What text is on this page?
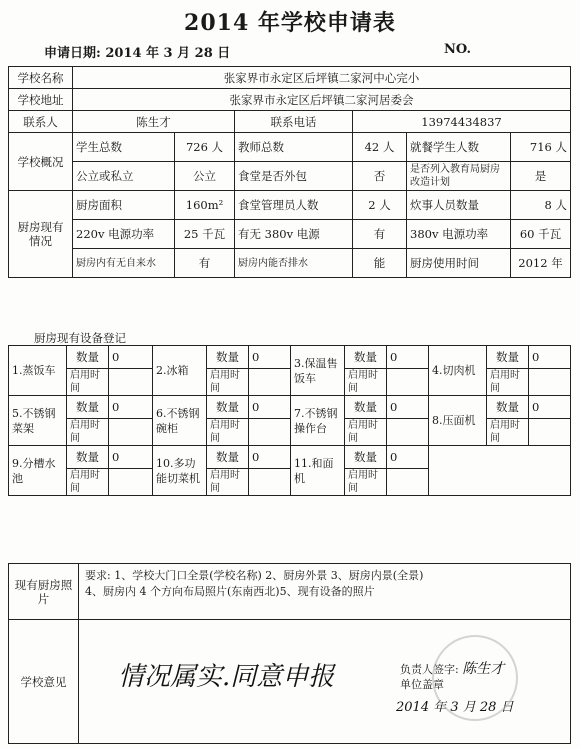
2014 年学校申请表
申请日期: 2014 年 3 月 28 日	NO.
学校名称	张家界市永定区后坪镇二家河中心完小					
学校地址	张家界市永定区后坪镇二家河居委会					
联系人	陈生才		联系电话	13974434837		
学校概况	学生总数	726 人	教师总数	42 人	就餐学生人数	716 人
	公立或私立	公立	食堂是否外包	否	是否列入教育局厨房改造计划	是
厨房现有情况	厨房面积	160m²	食堂管理员人数	2 人	炊事人员数量	8 人
	220v 电源功率	25 千瓦	有无 380v 电源	有	380v 电源功率	60 千瓦
	厨房内有无自来水	有	厨房内能否排水	能	厨房使用时间	2012 年
厨房现有设备登记
1.蒸饭车	数量	0	2.冰箱	数量	0	3.保温售饭车	数量	0	4.切肉机	数量	0
	启用时间			启用时间			启用时间			启用时间	
5.不锈钢菜架	数量	0	6.不锈钢碗柜	数量	0	7.不锈钢操作台	数量	0	8.压面机	数量	0
	启用时间			启用时间			启用时间			启用时间	
9.分槽水池	数量	0	10.多功能切菜机	数量	0	11.和面机	数量	0			
	启用时间			启用时间			启用时间				
现有厨房照片	要求: 1、学校大门口全景(学校名称) 2、厨房外景 3、厨房内景(全景)
4、厨房内 4 个方向布局照片(东南西北)5、现有设备的照片

学校意见	情况属实.同意申报	负责人签字: 陈生才
单位盖章
2014 年 3 月 28 日
